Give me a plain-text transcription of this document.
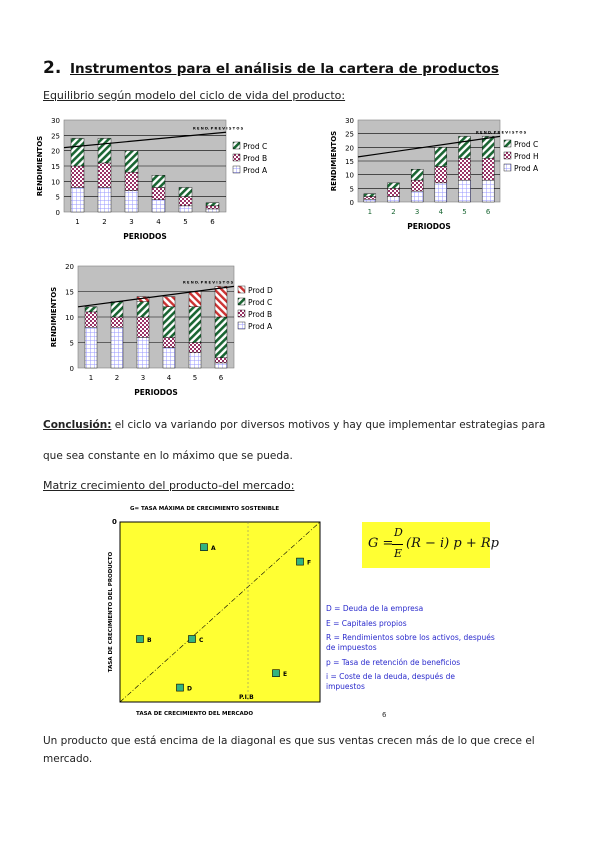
2. Instrumentos para el análisis de la cartera de productos
Equilibrio según modelo del ciclo de vida del producto:
0
5
10
15
20
25
30
1	2	3	4	5	6
R E N D. P R E V I S T O S
PERIODOS
RENDIMIENTOS	Prod C
Prod B
Prod A
0
5
10
15
20
25
30
1	2	3	4	5	6
R E N D. P R E V I S T O S
PERIODOS
RENDIMIENTOS	Prod C
Prod H
Prod A
0
5
10
15
20
1	2	3	4	5	6
R E N D. P R E V I S T O S
PERIODOS
RENDIMIENTOS	Prod D
Prod C
Prod B
Prod A
Conclusión: el ciclo va variando por diversos motivos y hay que implementar estrategias para que sea constante en lo máximo que se pueda.
Matriz crecimiento del producto-del mercado:
G= TASA MÁXIMA DE CRECIMIENTO SOSTENIBLE
0
P.I.B
A
F
B	C
D
E
TASA DE CRECIMIENTO DEL MERCADO
TASA DE CRECIMIENTO DEL PRODUCTO
G =
D
E
(R − i) p + Rp
D = Deuda de la empresa
E = Capitales propios
R = Rendimientos sobre los activos, después de impuestos
p = Tasa de retención de beneficios
i = Coste de la deuda, después de impuestos
6
Un producto que está encima de la diagonal es que sus ventas crecen más de lo que crece el mercado.
